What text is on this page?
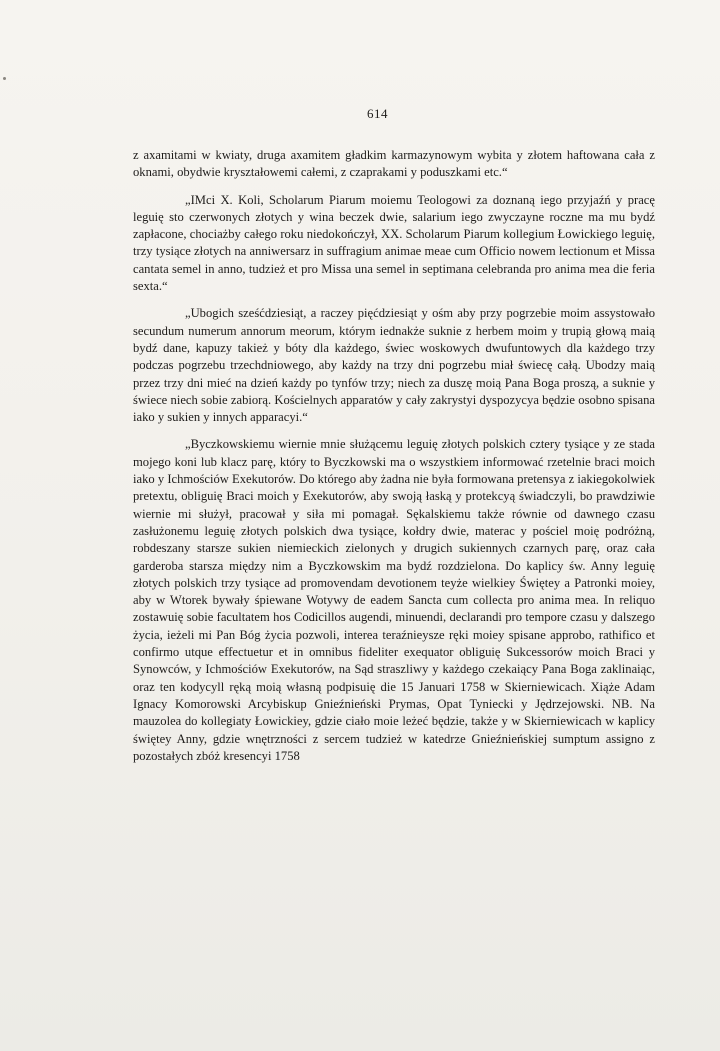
614

z axamitami w kwiaty, druga axamitem gładkim karmazynowym wybita y złotem haftowana cała z oknami, obydwie kryształowemi całemi, z czaprakami y poduszkami etc.“

„IMci X. Koli, Scholarum Piarum moiemu Teologowi za doznaną iego przyjaźń y pracę leguię sto czerwonych złotych y wina beczek dwie, salarium iego zwyczayne roczne ma mu bydź zapłacone, chociażby całego roku niedokończył, XX. Scholarum Piarum kollegium Łowickiego leguię, trzy tysiące złotych na anniwersarz in suffragium animae meae cum Officio nowem lectionum et Missa cantata semel in anno, tudzież et pro Missa una semel in septimana celebranda pro anima mea die feria sexta.“

„Ubogich sześćdziesiąt, a raczey pięćdziesiąt y ośm aby przy pogrzebie moim assystowało secundum numerum annorum meorum, którym iednakże suknie z herbem moim y trupią głową maią bydź dane, kapuzy takież y bóty dla każdego, świec woskowych dwufuntowych dla każdego trzy podczas pogrzebu trzechdniowego, aby każdy na trzy dni pogrzebu miał świecę całą. Ubodzy maią przez trzy dni mieć na dzień każdy po tynfów trzy; niech za duszę moią Pana Boga proszą, a suknie y świece niech sobie zabiorą. Kościelnych apparatów y cały zakrystyi dyspozycya będzie osobno spisana iako y sukien y innych apparacyi.“

„Byczkowskiemu wiernie mnie służącemu leguię złotych polskich cztery tysiące y ze stada mojego koni lub klacz parę, który to Byczkowski ma o wszystkiem informować rzetelnie braci moich iako y Ichmościów Exekutorów. Do którego aby żadna nie była formowana pretensya z iakiegokolwiek pretextu, obliguię Braci moich y Exekutorów, aby swoją łaską y protekcyą świadczyli, bo prawdziwie wiernie mi służył, pracował y siła mi pomagał. Sękalskiemu także równie od dawnego czasu zasłużonemu leguię złotych polskich dwa tysiące, kołdry dwie, materac y pościel moię podróżną, robdeszany starsze sukien niemieckich zielonych y drugich sukiennych czarnych parę, oraz cała garderoba starsza między nim a Byczkowskim ma bydź rozdzielona. Do kaplicy św. Anny leguię złotych polskich trzy tysiące ad promovendam devotionem teyże wielkiey Świętey a Patronki moiey, aby w Wtorek bywały śpiewane Wotywy de eadem Sancta cum collecta pro anima mea. In reliquo zostawuię sobie facultatem hos Codicillos augendi, minuendi, declarandi pro tempore czasu y dalszego życia, ieżeli mi Pan Bóg życia pozwoli, interea teraźnieysze ręki moiey spisane approbo, rathifico et confirmo utque effectuetur et in omnibus fideliter exequator obliguię Sukcessorów moich Braci y Synowców, y Ichmościów Exekutorów, na Sąd straszliwy y każdego czekaiący Pana Boga zaklinaiąc, oraz ten kodycyll ręką moią własną podpisuię die 15 Januari 1758 w Skierniewicach. Xiąże Adam Ignacy Komorowski Arcybiskup Gnieźnieński Prymas, Opat Tyniecki y Jędrzejowski. NB. Na mauzolea do kollegiaty Łowickiey, gdzie ciało moie leżeć będzie, także y w Skierniewicach w kaplicy świętey Anny, gdzie wnętrzności z sercem tudzież w katedrze Gnieźnieńskiej sumptum assigno z pozostałych zbóż kresencyi 1758
